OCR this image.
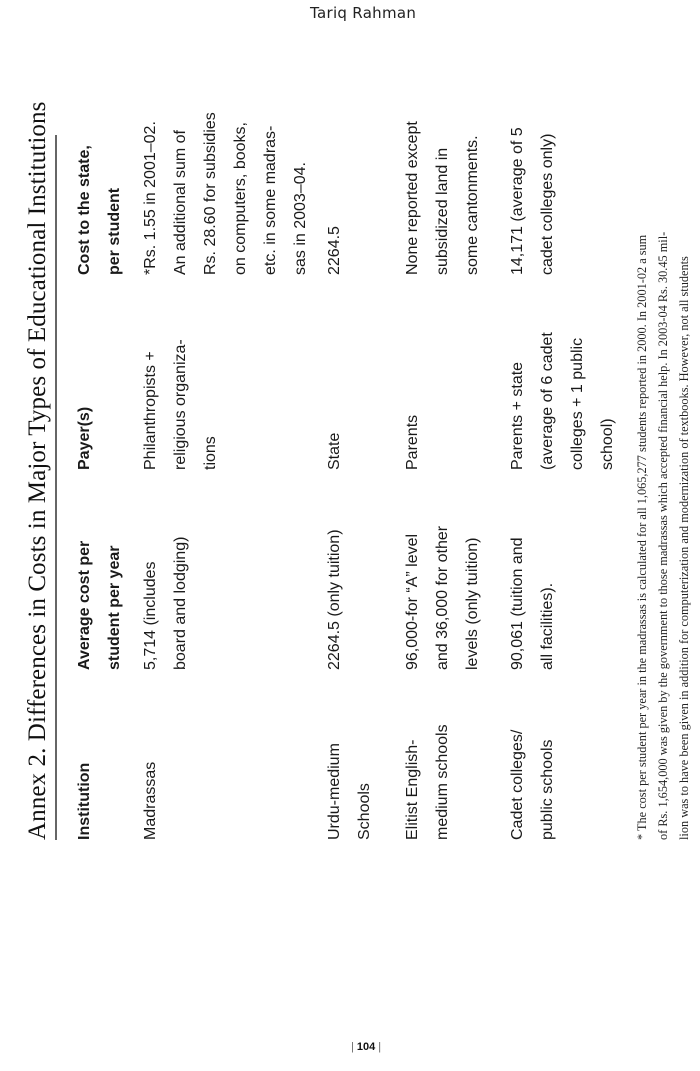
Tariq Rahman
Annex 2. Differences in Costs in Major Types of Educational Institutions	Institution
Average cost per student per year
Payer(s)
Cost to the state, per student
Madrassas
5,714 (includes board and lodging)
Philanthropists + religious organiza- tions
*Rs. 1.55 in 2001–02. An additional sum of Rs. 28.60 for subsidies on computers, books, etc. in some madras- sas in 2003–04.
Urdu-medium Schools
2264.5 (only tuition)
State
2264.5
Elitist English- medium schools
96,000-for “A” level and 36,000 for other levels (only tuition)
Parents
None reported except subsidized land in some cantonments.
Cadet colleges/ public schools
90,061 (tuition and all facilities).
Parents + state (average of 6 cadet colleges + 1 public school)
14,171 (average of 5 cadet colleges only)
* The cost per student per year in the madrassas is calculated for all 1,065,277 students reported in 2000. In 2001-02 a sum of Rs. 1,654,000 was given by the government to those madrassas which accepted financial help. In 2003-04 Rs. 30.45 mil- lion was to have been given in addition for computerization and modernization of textbooks. However, not all students
| 104 |
